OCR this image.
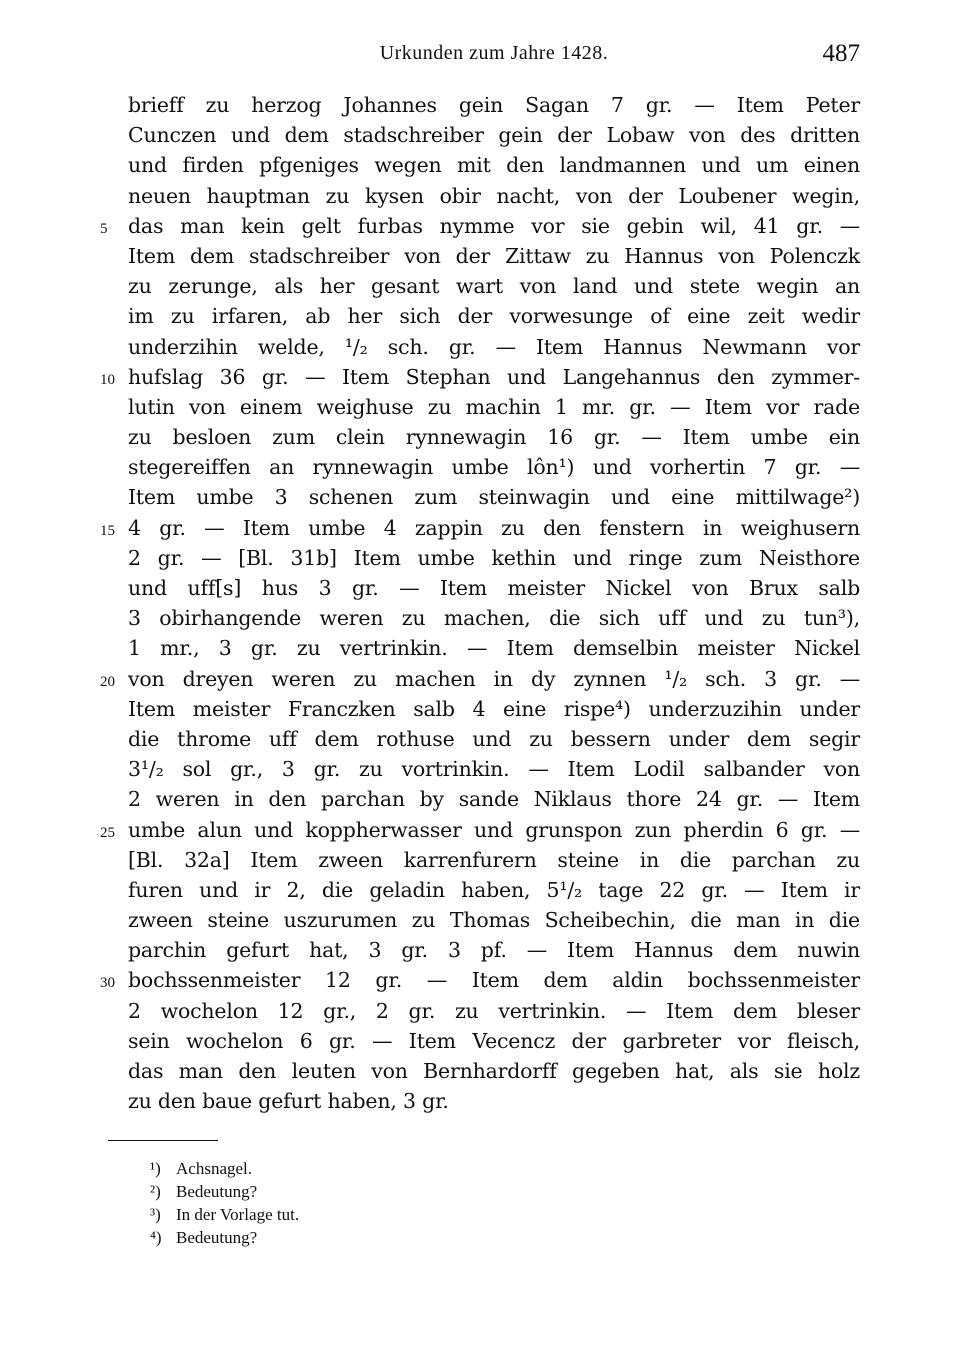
Urkunden zum Jahre 1428.	487
brieff zu herzog Johannes gein Sagan 7 gr. — Item Peter
Cunczen und dem stadschreiber gein der Lobaw von des dritten
und firden pfgeniges wegen mit den landmannen und um einen
neuen hauptman zu kysen obir nacht, von der Loubener wegin,
5 das man kein gelt furbas nymme vor sie gebin wil, 41 gr. —
Item dem stadschreiber von der Zittaw zu Hannus von Polenczk
zu zerunge, als her gesant wart von land und stete wegin an
im zu irfaren, ab her sich der vorwesunge of eine zeit wedir
underzihin welde, ¹/₂ sch. gr. — Item Hannus Newmann vor
10 hufslag 36 gr. — Item Stephan und Langehannus den zymmer-
lutin von einem weighuse zu machin 1 mr. gr. — Item vor rade
zu besloen zum clein rynnewagin 16 gr. — Item umbe ein
stegereiffen an rynnewagin umbe lôn¹) und vorhertin 7 gr. —
Item umbe 3 schenen zum steinwagin und eine mittilwage²)
15 4 gr. — Item umbe 4 zappin zu den fenstern in weighusern
2 gr. — [Bl. 31b] Item umbe kethin und ringe zum Neisthore
und uff[s] hus 3 gr. — Item meister Nickel von Brux salb
3 obirhangende weren zu machen, die sich uff und zu tun³),
1 mr., 3 gr. zu vertrinkin. — Item demselbin meister Nickel
20 von dreyen weren zu machen in dy zynnen ¹/₂ sch. 3 gr. —
Item meister Franczken salb 4 eine rispe⁴) underzuzihin under
die throme uff dem rothuse und zu bessern under dem segir
3¹/₂ sol gr., 3 gr. zu vortrinkin. — Item Lodil salbander von
2 weren in den parchan by sande Niklaus thore 24 gr. — Item
25 umbe alun und koppherwasser und grunspon zun pherdin 6 gr. —
[Bl. 32a] Item zween karrenfurern steine in die parchan zu
furen und ir 2, die geladin haben, 5¹/₂ tage 22 gr. — Item ir
zween steine uszurumen zu Thomas Scheibechin, die man in die
parchin gefurt hat, 3 gr. 3 pf. — Item Hannus dem nuwin
30 bochssenmeister 12 gr. — Item dem aldin bochssenmeister
2 wochelon 12 gr., 2 gr. zu vertrinkin. — Item dem bleser
sein wochelon 6 gr. — Item Vecencz der garbreter vor fleisch,
das man den leuten von Bernhardorff gegeben hat, als sie holz
zu den baue gefurt haben, 3 gr.
¹) Achsnagel.
²) Bedeutung?
³) In der Vorlage tut.
⁴) Bedeutung?
